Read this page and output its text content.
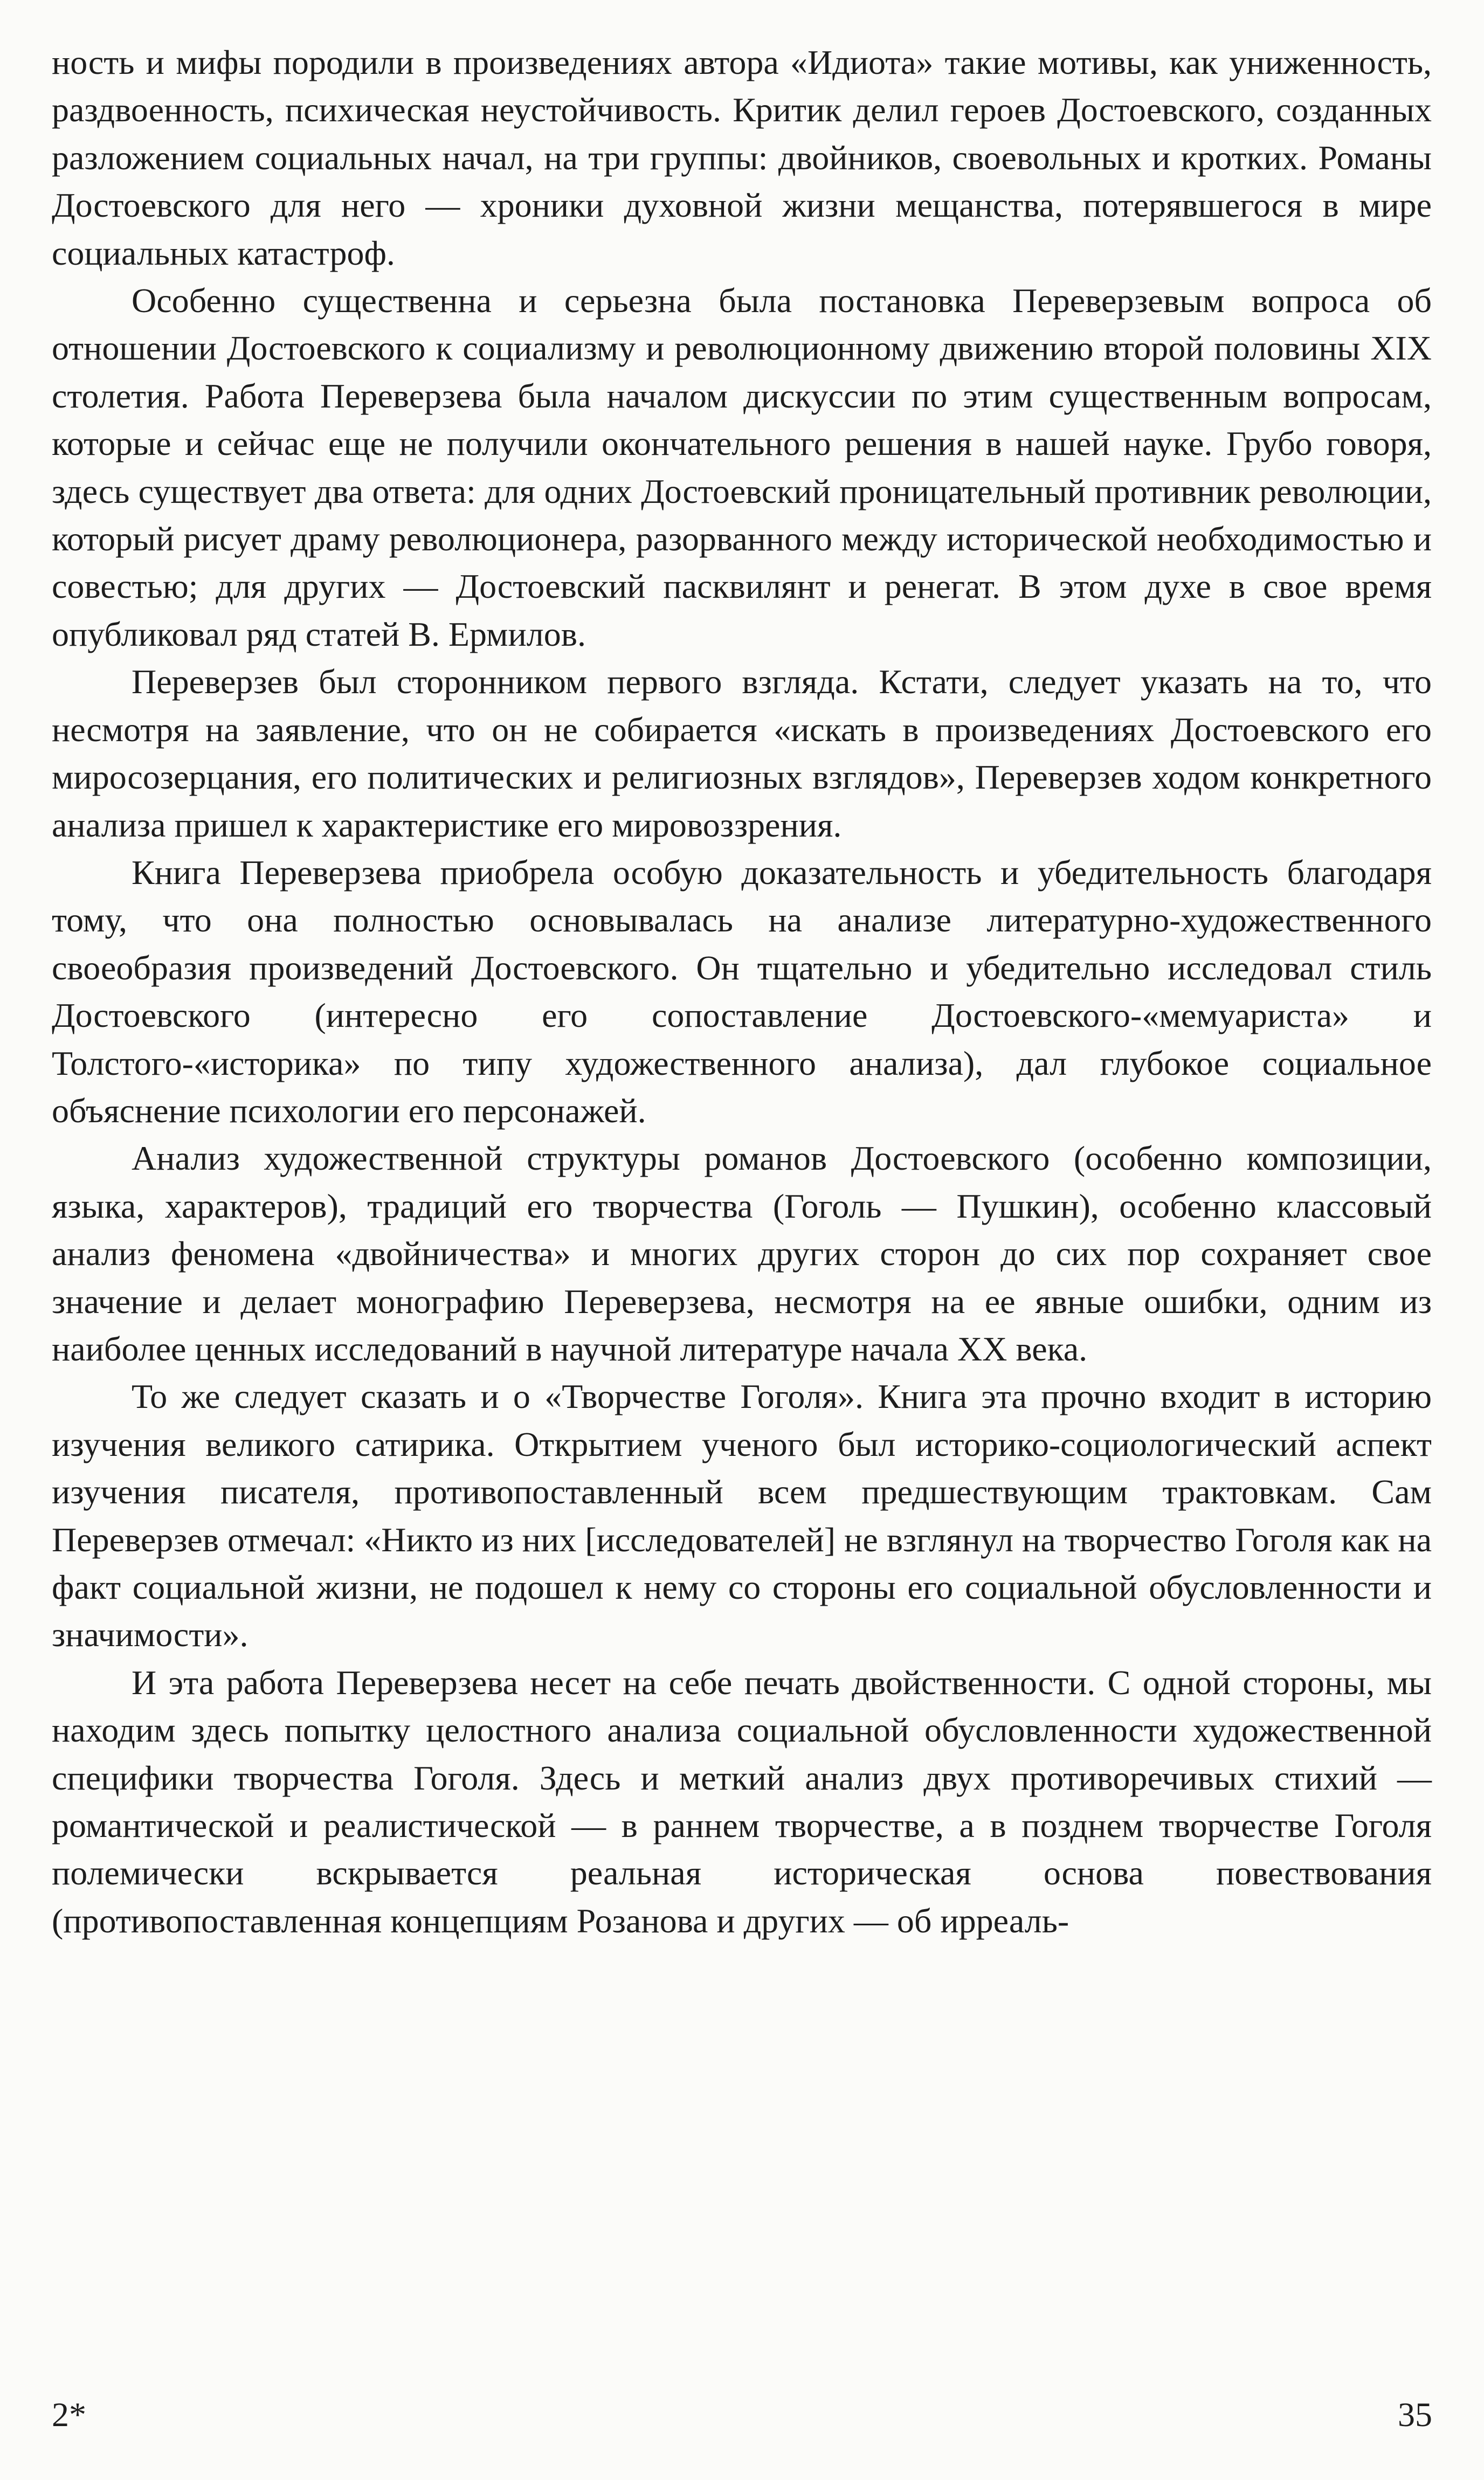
ность и мифы породили в произведениях автора «Идиота» такие мотивы, как униженность, раздвоенность, психическая неустойчивость. Критик делил героев Достоевского, созданных разложением социальных начал, на три группы: двойников, своевольных и кротких. Романы Достоевского для него — хроники духовной жизни мещанства, потерявшегося в мире социальных катастроф.

Особенно существенна и серьезна была постановка Переверзевым вопроса об отношении Достоевского к социализму и революционному движению второй половины XIX столетия. Работа Переверзева была началом дискуссии по этим существенным вопросам, которые и сейчас еще не получили окончательного решения в нашей науке. Грубо говоря, здесь существует два ответа: для одних Достоевский проницательный противник революции, который рисует драму революционера, разорванного между исторической необходимостью и совестью; для других — Достоевский пасквилянт и ренегат. В этом духе в свое время опубликовал ряд статей В. Ермилов.

Переверзев был сторонником первого взгляда. Кстати, следует указать на то, что несмотря на заявление, что он не собирается «искать в произведениях Достоевского его миросозерцания, его политических и религиозных взглядов», Переверзев ходом конкретного анализа пришел к характеристике его мировоззрения.

Книга Переверзева приобрела особую доказательность и убедительность благодаря тому, что она полностью основывалась на анализе литературно-художественного своеобразия произведений Достоевского. Он тщательно и убедительно исследовал стиль Достоевского (интересно его сопоставление Достоевского-«мемуариста» и Толстого-«историка» по типу художественного анализа), дал глубокое социальное объяснение психологии его персонажей.

Анализ художественной структуры романов Достоевского (особенно композиции, языка, характеров), традиций его творчества (Гоголь — Пушкин), особенно классовый анализ феномена «двойничества» и многих других сторон до сих пор сохраняет свое значение и делает монографию Переверзева, несмотря на ее явные ошибки, одним из наиболее ценных исследований в научной литературе начала XX века.

То же следует сказать и о «Творчестве Гоголя». Книга эта прочно входит в историю изучения великого сатирика. Открытием ученого был историко-социологический аспект изучения писателя, противопоставленный всем предшествующим трактовкам. Сам Переверзев отмечал: «Никто из них [исследователей] не взглянул на творчество Гоголя как на факт социальной жизни, не подошел к нему со стороны его социальной обусловленности и значимости».

И эта работа Переверзева несет на себе печать двойственности. С одной стороны, мы находим здесь попытку целостного анализа социальной обусловленности художественной специфики творчества Гоголя. Здесь и меткий анализ двух противоречивых стихий — романтической и реалистической — в раннем творчестве, а в позднем творчестве Гоголя полемически вскрывается реальная историческая основа повествования (противопоставленная концепциям Розанова и других — об ирреаль-

2*	35
